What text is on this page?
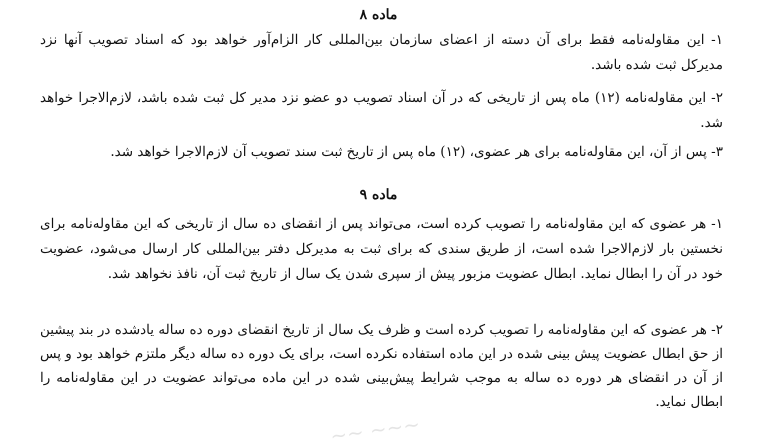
ماده ۸
۱- این مقاوله‌نامه فقط برای آن دسته از اعضای سازمان بین‌المللی کار الزام‌آور خواهد بود که اسناد تصویب آنها نزد مدیرکل ثبت شده باشد.
۲- این مقاوله‌نامه (۱۲) ماه پس از تاریخی که در آن اسناد تصویب دو عضو نزد مدیر کل ثبت شده باشد، لازم‌الاجرا خواهد شد.
۳- پس از آن، این مقاوله‌نامه برای هر عضوی، (۱۲) ماه پس از تاریخ ثبت سند تصویب آن لازم‌الاجرا خواهد شد.
ماده ۹
۱- هر عضوی که این مقاوله‌نامه را تصویب کرده است، می‌تواند پس از انقضای ده سال از تاریخی که این مقاوله‌نامه برای نخستین بار لازم‌الاجرا شده است، از طریق سندی که برای ثبت به مدیرکل دفتر بین‌المللی کار ارسال می‌شود، عضویت خود در آن را ابطال نماید. ابطال عضویت مزبور پیش از سپری شدن یک سال از تاریخ ثبت آن، نافذ نخواهد شد.
۲- هر عضوی که این مقاوله‌نامه را تصویب کرده است و ظرف یک سال از تاریخ انقضای دوره ده ساله یادشده در بند پیشین از حق ابطال عضویت پیش بینی شده در این ماده استفاده نکرده است، برای یک دوره ده ساله دیگر ملتزم خواهد بود و پس از آن در انقضای هر دوره ده ساله به موجب شرایط پیش‌بینی شده در این ماده می‌تواند عضویت در این مقاوله‌نامه را ابطال نماید.
~~~ ~~
